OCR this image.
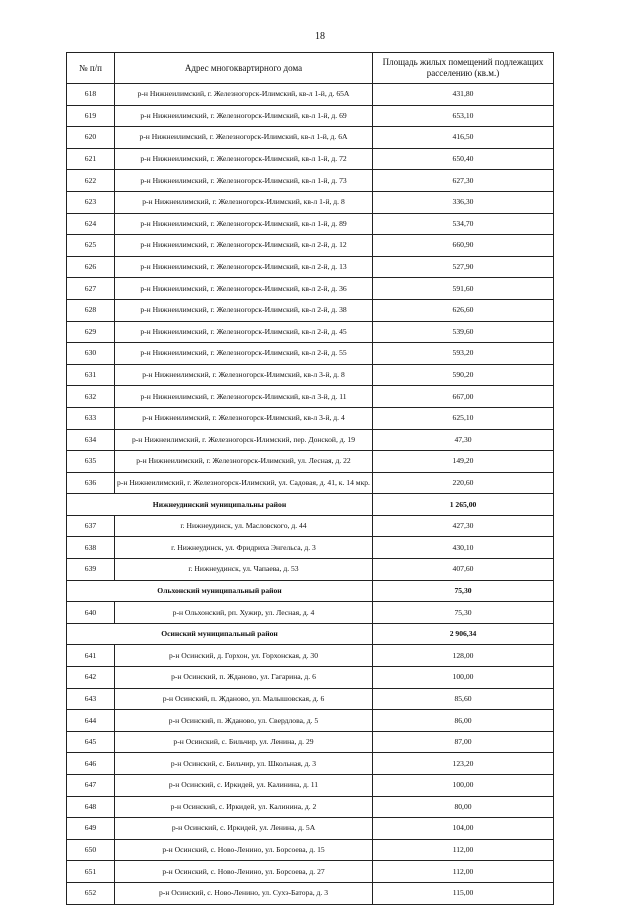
18
№ п/п	Адрес многоквартирного дома	Площадь жилых помещений подлежащих расселению (кв.м.)
618	р-н Нижнеилимский, г. Железногорск-Илимский, кв-л 1-й, д. 65А	431,80
619	р-н Нижнеилимский, г. Железногорск-Илимский, кв-л 1-й, д. 69	653,10
620	р-н Нижнеилимский, г. Железногорск-Илимский, кв-л 1-й, д. 6А	416,50
621	р-н Нижнеилимский, г. Железногорск-Илимский, кв-л 1-й, д. 72	650,40
622	р-н Нижнеилимский, г. Железногорск-Илимский, кв-л 1-й, д. 73	627,30
623	р-н Нижнеилимский, г. Железногорск-Илимский, кв-л 1-й, д. 8	336,30
624	р-н Нижнеилимский, г. Железногорск-Илимский, кв-л 1-й, д. 89	534,70
625	р-н Нижнеилимский, г. Железногорск-Илимский, кв-л 2-й, д. 12	660,90
626	р-н Нижнеилимский, г. Железногорск-Илимский, кв-л 2-й, д. 13	527,90
627	р-н Нижнеилимский, г. Железногорск-Илимский, кв-л 2-й, д. 36	591,60
628	р-н Нижнеилимский, г. Железногорск-Илимский, кв-л 2-й, д. 38	626,60
629	р-н Нижнеилимский, г. Железногорск-Илимский, кв-л 2-й, д. 45	539,60
630	р-н Нижнеилимский, г. Железногорск-Илимский, кв-л 2-й, д. 55	593,20
631	р-н Нижнеилимский, г. Железногорск-Илимский, кв-л 3-й, д. 8	590,20
632	р-н Нижнеилимский, г. Железногорск-Илимский, кв-л 3-й, д. 11	667,00
633	р-н Нижнеилимский, г. Железногорск-Илимский, кв-л 3-й, д. 4	625,10
634	р-н Нижнеилимский, г. Железногорск-Илимский, пер. Донской, д. 19	47,30
635	р-н Нижнеилимский, г. Железногорск-Илимский, ул. Лесная, д. 22	149,20
636	р-н Нижнеилимский, г. Железногорск-Илимский, ул. Садовая, д. 41, к. 14 мкр.	220,60
Нижнеудинский муниципальны район		1 265,00
637	г. Нижнеудинск, ул. Масловского, д. 44	427,30
638	г. Нижнеудинск, ул. Фридриха Энгельса, д. 3	430,10
639	г. Нижнеудинск, ул. Чапаева, д. 53	407,60
Ольхонский муниципальный район		75,30
640	р-н Ольхонский, рп. Хужир, ул. Лесная, д. 4	75,30
Осинский муниципальный район		2 906,34
641	р-н Осинский, д. Горхон, ул. Горхонская, д. 30	128,00
642	р-н Осинский, п. Жданово, ул. Гагарина, д. 6	100,00
643	р-н Осинский, п. Жданово, ул. Малышовская, д. 6	85,60
644	р-н Осинский, п. Жданово, ул. Свердлова, д. 5	86,00
645	р-н Осинский, с. Бильчир, ул. Ленина, д. 29	87,00
646	р-н Осинский, с. Бильчир, ул. Школьная, д. 3	123,20
647	р-н Осинский, с. Иркидей, ул. Калинина, д. 11	100,00
648	р-н Осинский, с. Иркидей, ул. Калинина, д. 2	80,00
649	р-н Осинский, с. Иркидей, ул. Ленина, д. 5А	104,00
650	р-н Осинский, с. Ново-Ленино, ул. Борсоева, д. 15	112,00
651	р-н Осинский, с. Ново-Ленино, ул. Борсоева, д. 27	112,00
652	р-н Осинский, с. Ново-Ленино, ул. Сухэ-Батора, д. 3	115,00
